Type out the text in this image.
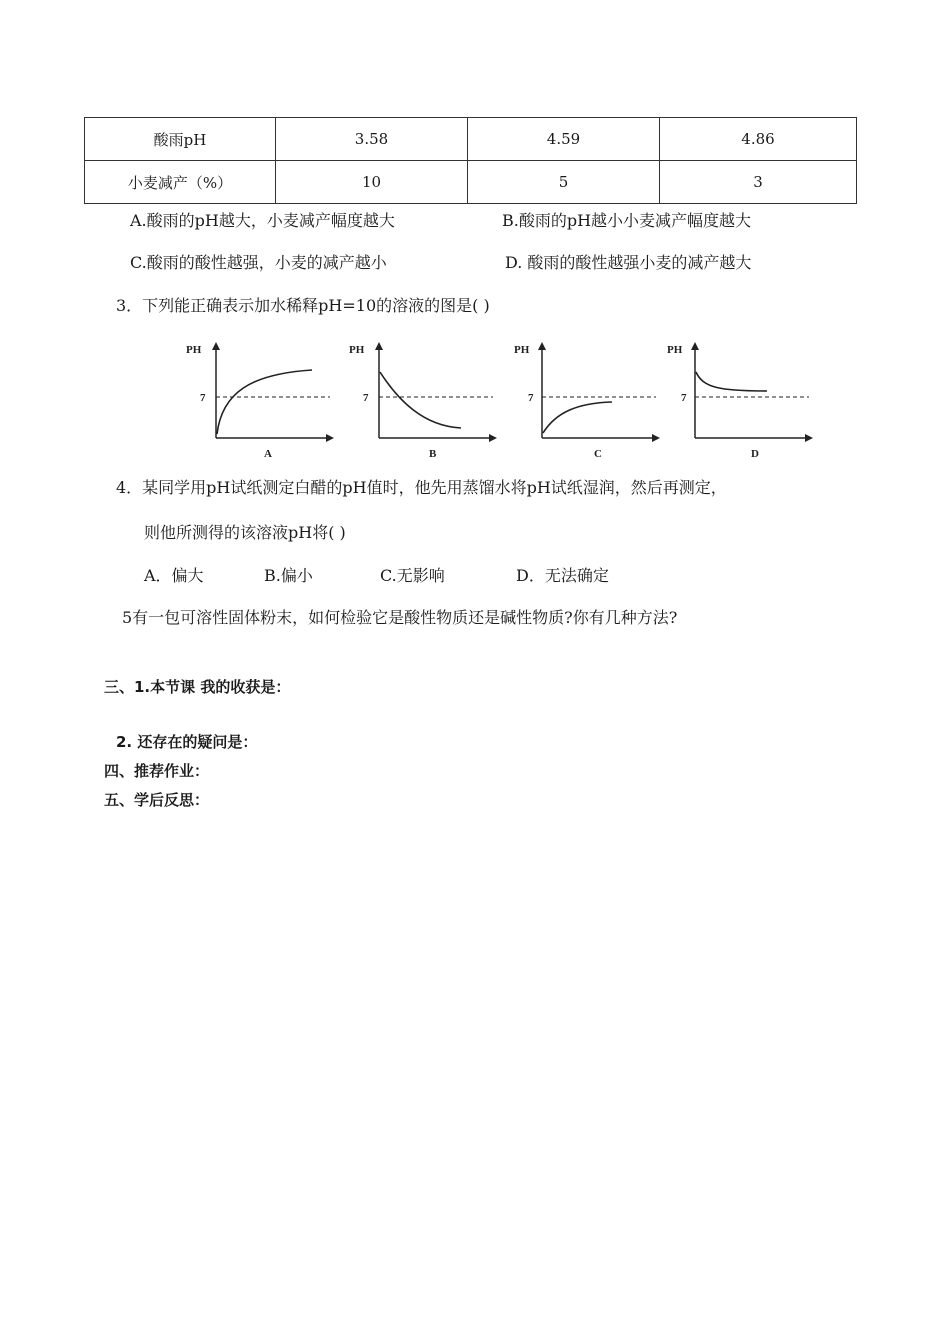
酸雨pH	3.58	4.59	4.86
小麦减产（%）	10	5	3
A.酸雨的pH越大，小麦减产幅度越大	B.酸雨的pH越小小麦减产幅度越大
C.酸雨的酸性越强，小麦的减产越小	D. 酸雨的酸性越强小麦的减产越大
3．下列能正确表示加水稀释pH=10的溶液的图是( )
PH
7
A
PH
7
B
PH
7
C
PH
7
D
4．某同学用pH试纸测定白醋的pH值时，他先用蒸馏水将pH试纸湿润，然后再测定，
则他所测得的该溶液pH将( )
A．偏大	B.偏小	C.无影响	D．无法确定
5有一包可溶性固体粉末，如何检验它是酸性物质还是碱性物质?你有几种方法?
三、1.本节课 我的收获是：
2. 还存在的疑问是：
四、推荐作业：
五、学后反思：
